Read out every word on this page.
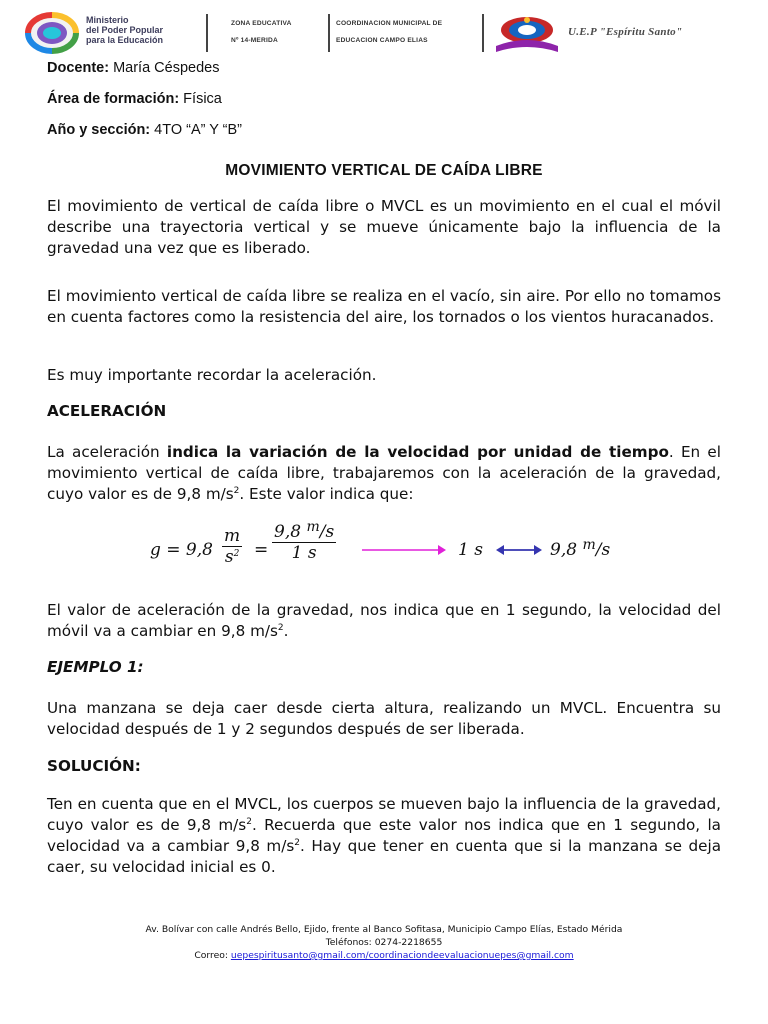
Ministerio
del Poder Popular
para la Educación
ZONA EDUCATIVA
Nº 14-MERIDA
COORDINACION MUNICIPAL DE
EDUCACION CAMPO ELIAS
U.E.P "Espíritu Santo"
Docente: María Céspedes
Área de formación: Física
Año y sección: 4TO “A” Y “B”
MOVIMIENTO VERTICAL DE CAÍDA LIBRE
El movimiento de vertical de caída libre o MVCL es un movimiento en el cual el móvil describe una trayectoria vertical y se mueve únicamente bajo la influencia de la gravedad una vez que es liberado.
El movimiento vertical de caída libre se realiza en el vacío, sin aire. Por ello no tomamos en cuenta factores como la resistencia del aire, los tornados o los vientos huracanados.
Es muy importante recordar la aceleración.
ACELERACIÓN
La aceleración indica la variación de la velocidad por unidad de tiempo. En el movimiento vertical de caída libre, trabajaremos con la aceleración de la gravedad, cuyo valor es de 9,8 $m/s^2$. Este valor indica que:
g = 9,8
m
$s^2$ =
9,8 $^m$/s
1 s	1 s	9,8 $^m$/s
El valor de aceleración de la gravedad, nos indica que en 1 segundo, la velocidad del móvil va a cambiar en 9,8 $m/s^2$.
EJEMPLO 1:
Una manzana se deja caer desde cierta altura, realizando un MVCL. Encuentra su velocidad después de 1 y 2 segundos después de ser liberada.
SOLUCIÓN:
Ten en cuenta que en el MVCL, los cuerpos se mueven bajo la influencia de la gravedad, cuyo valor es de 9,8 $m/s^2$. Recuerda que este valor nos indica que en 1 segundo, la velocidad va a cambiar 9,8 $m/s^2$. Hay que tener en cuenta que si la manzana se deja caer, su velocidad inicial es 0.
Av. Bolívar con calle Andrés Bello, Ejido, frente al Banco Sofitasa, Municipio Campo Elías, Estado Mérida
Teléfonos: 0274-2218655
Correo: uepespiritusanto@gmail.com/coordinaciondeevaluacionuepes@gmail.com
